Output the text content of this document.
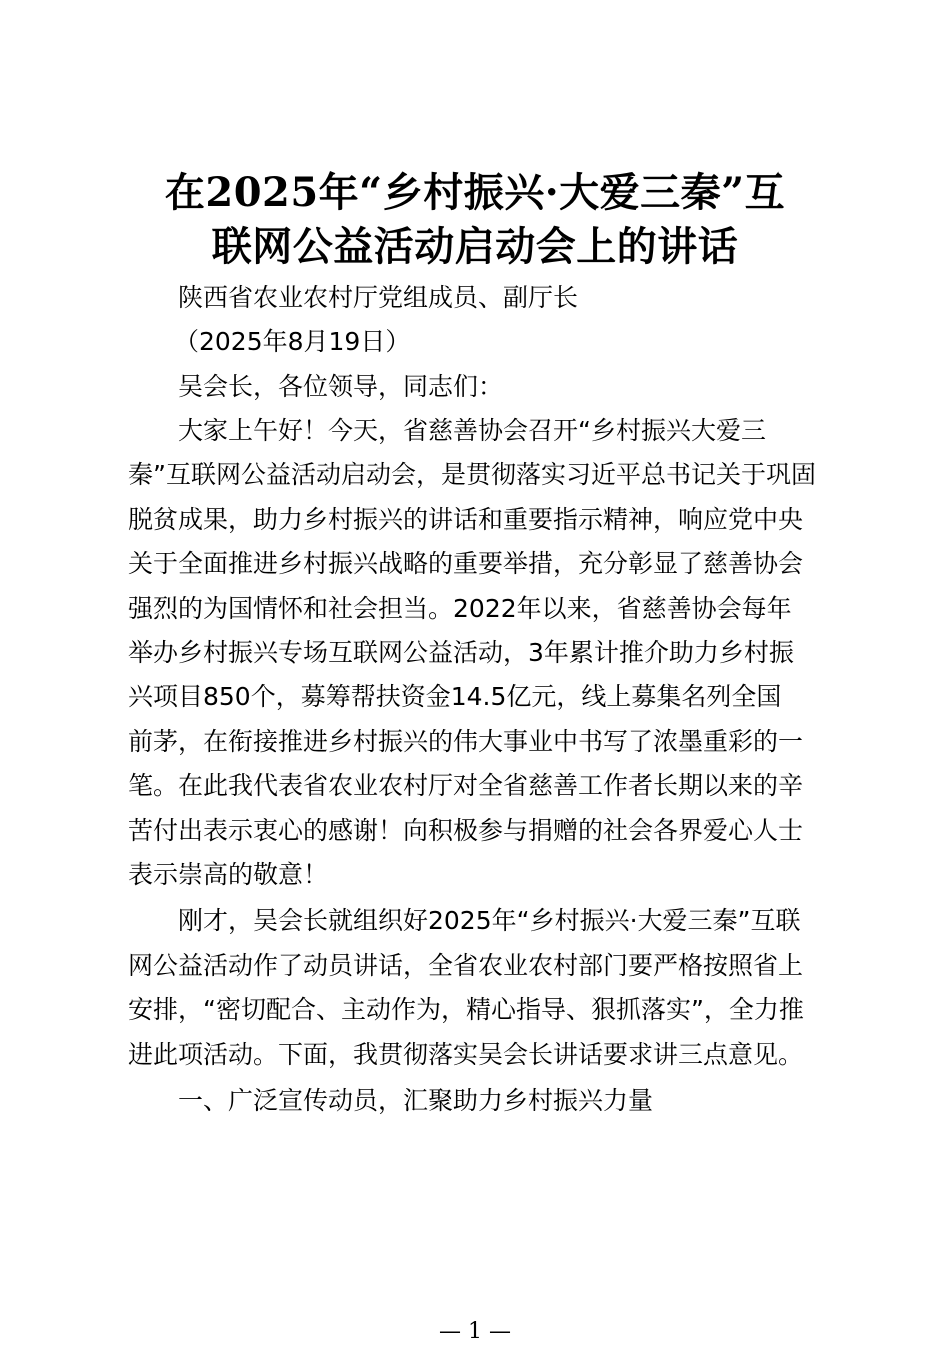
在2025年“乡村振兴·大爱三秦”互
联网公益活动启动会上的讲话

陕西省农业农村厅党组成员、副厅长

（2025年8月19日）

吴会长，各位领导，同志们：

大家上午好！今天，省慈善协会召开“乡村振兴大爱三

秦”互联网公益活动启动会，是贯彻落实习近平总书记关于巩固

脱贫成果，助力乡村振兴的讲话和重要指示精神，响应党中央

关于全面推进乡村振兴战略的重要举措，充分彰显了慈善协会

强烈的为国情怀和社会担当。2022年以来，省慈善协会每年

举办乡村振兴专场互联网公益活动，3年累计推介助力乡村振

兴项目850个，募筹帮扶资金14.5亿元，线上募集名列全国

前茅，在衔接推进乡村振兴的伟大事业中书写了浓墨重彩的一

笔。在此我代表省农业农村厅对全省慈善工作者长期以来的辛

苦付出表示衷心的感谢！向积极参与捐赠的社会各界爱心人士

表示崇高的敬意！

刚才，吴会长就组织好2025年“乡村振兴·大爱三秦”互联

网公益活动作了动员讲话，全省农业农村部门要严格按照省上

安排，“密切配合、主动作为，精心指导、狠抓落实”，全力推

进此项活动。下面，我贯彻落实吴会长讲话要求讲三点意见。

一、广泛宣传动员，汇聚助力乡村振兴力量

— 1 —
